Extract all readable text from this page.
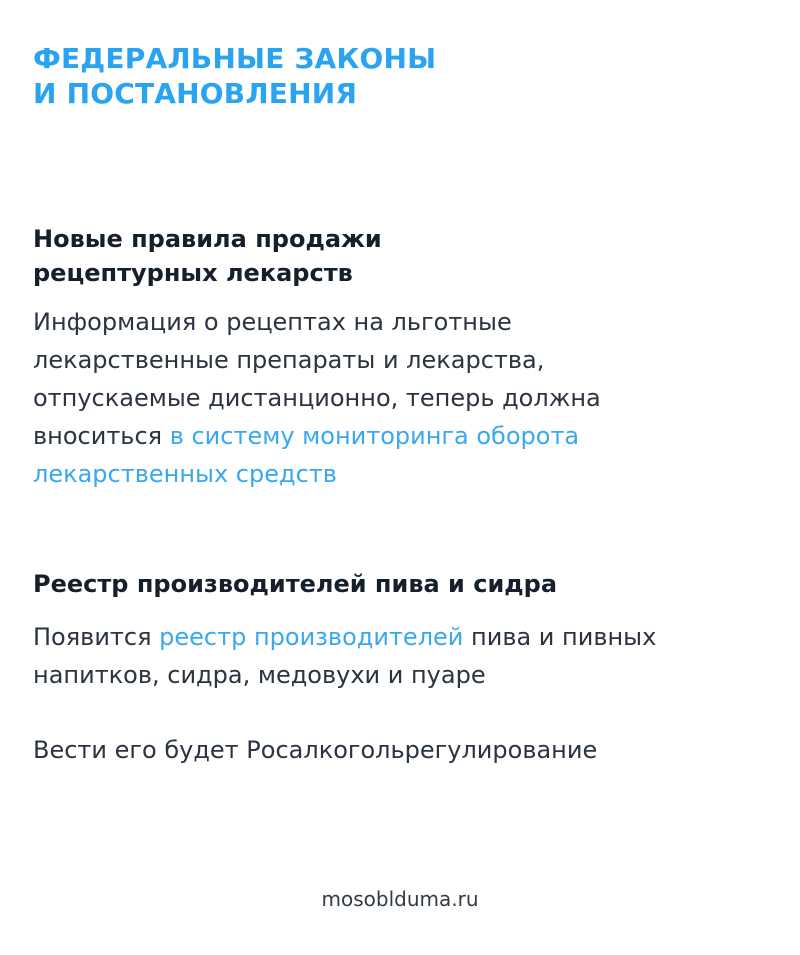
ФЕДЕРАЛЬНЫЕ ЗАКОНЫ
И ПОСТАНОВЛЕНИЯ
Новые правила продажи
рецептурных лекарств

Информация о рецептах на льготные
лекарственные препараты и лекарства,
отпускаемые дистанционно, теперь должна
вноситься в систему мониторинга оборота
лекарственных средств

Реестр производителей пива и сидра

Появится реестр производителей пива и пивных
напитков, сидра, медовухи и пуаре

Вести его будет Росалкогольрегулирование

mosobldumа.ru
